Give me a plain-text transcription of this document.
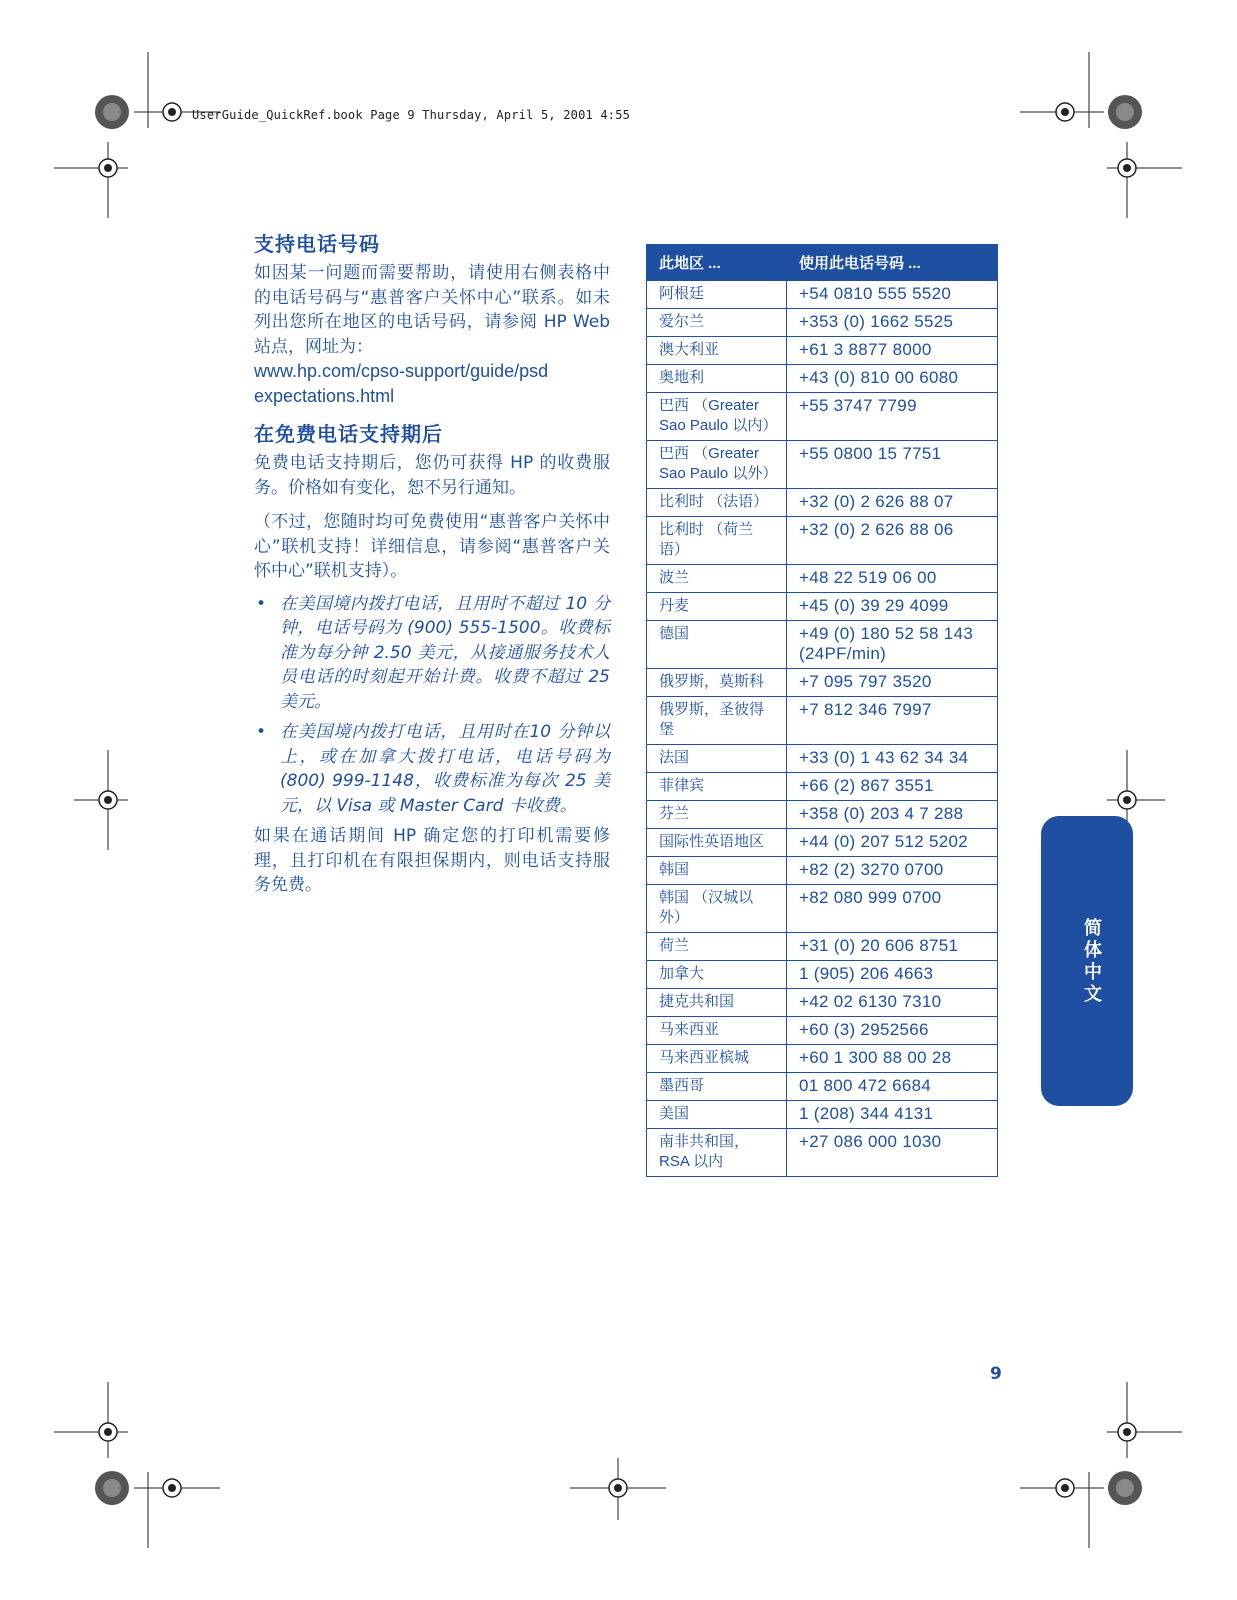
UserGuide_QuickRef.book Page 9 Thursday, April 5, 2001 4:55
支持电话号码

如因某一问题而需要帮助，请使用右侧表格中的电话号码与“惠普客户关怀中心”联系。如未列出您所在地区的电话号码，请参阅 HP Web 站点，网址为：

www.hp.com/cpso-support/guide/psd

expectations.html

在免费电话支持期后

免费电话支持期后，您仍可获得 HP 的收费服务。价格如有变化，恕不另行通知。

（不过，您随时均可免费使用“惠普客户关怀中心”联机支持！详细信息，请参阅“惠普客户关怀中心”联机支持）。

• 在美国境内拨打电话，且用时不超过 10 分钟，电话号码为 (900) 555-1500。收费标准为每分钟 2.50 美元，从接通服务技术人员电话的时刻起开始计费。收费不超过 25 美元。
• 在美国境内拨打电话，且用时在10 分钟以上，或在加拿大拨打电话，电话号码为 (800) 999-1148，收费标准为每次 25 美元，以 Visa 或 Master Card 卡收费。

如果在通话期间 HP 确定您的打印机需要修理，且打印机在有限担保期内，则电话支持服务免费。

此地区 ...	使用此电话号码 ...
阿根廷	+54 0810 555 5520
爱尔兰	+353 (0) 1662 5525
澳大利亚	+61 3 8877 8000
奥地利	+43 (0) 810 00 6080
巴西 （Greater Sao Paulo 以内）	+55 3747 7799
巴西 （Greater Sao Paulo 以外）	+55 0800 15 7751
比利时 （法语）	+32 (0) 2 626 88 07
比利时 （荷兰语）	+32 (0) 2 626 88 06
波兰	+48 22 519 06 00
丹麦	+45 (0) 39 29 4099
德国	+49 (0) 180 52 58 143 (24PF/min)
俄罗斯，莫斯科	+7 095 797 3520
俄罗斯，圣彼得堡	+7 812 346 7997
法国	+33 (0) 1 43 62 34 34
菲律宾	+66 (2) 867 3551
芬兰	+358 (0) 203 4 7 288
国际性英语地区	+44 (0) 207 512 5202
韩国	+82 (2) 3270 0700
韩国 （汉城以外）	+82 080 999 0700
荷兰	+31 (0) 20 606 8751
加拿大	1 (905) 206 4663
捷克共和国	+42 02 6130 7310
马来西亚	+60 (3) 2952566
马来西亚槟城	+60 1 300 88 00 28
墨西哥	01 800 472 6684
美国	1 (208) 344 4131
南非共和国，RSA 以内	+27 086 000 1030
简体中文
9
